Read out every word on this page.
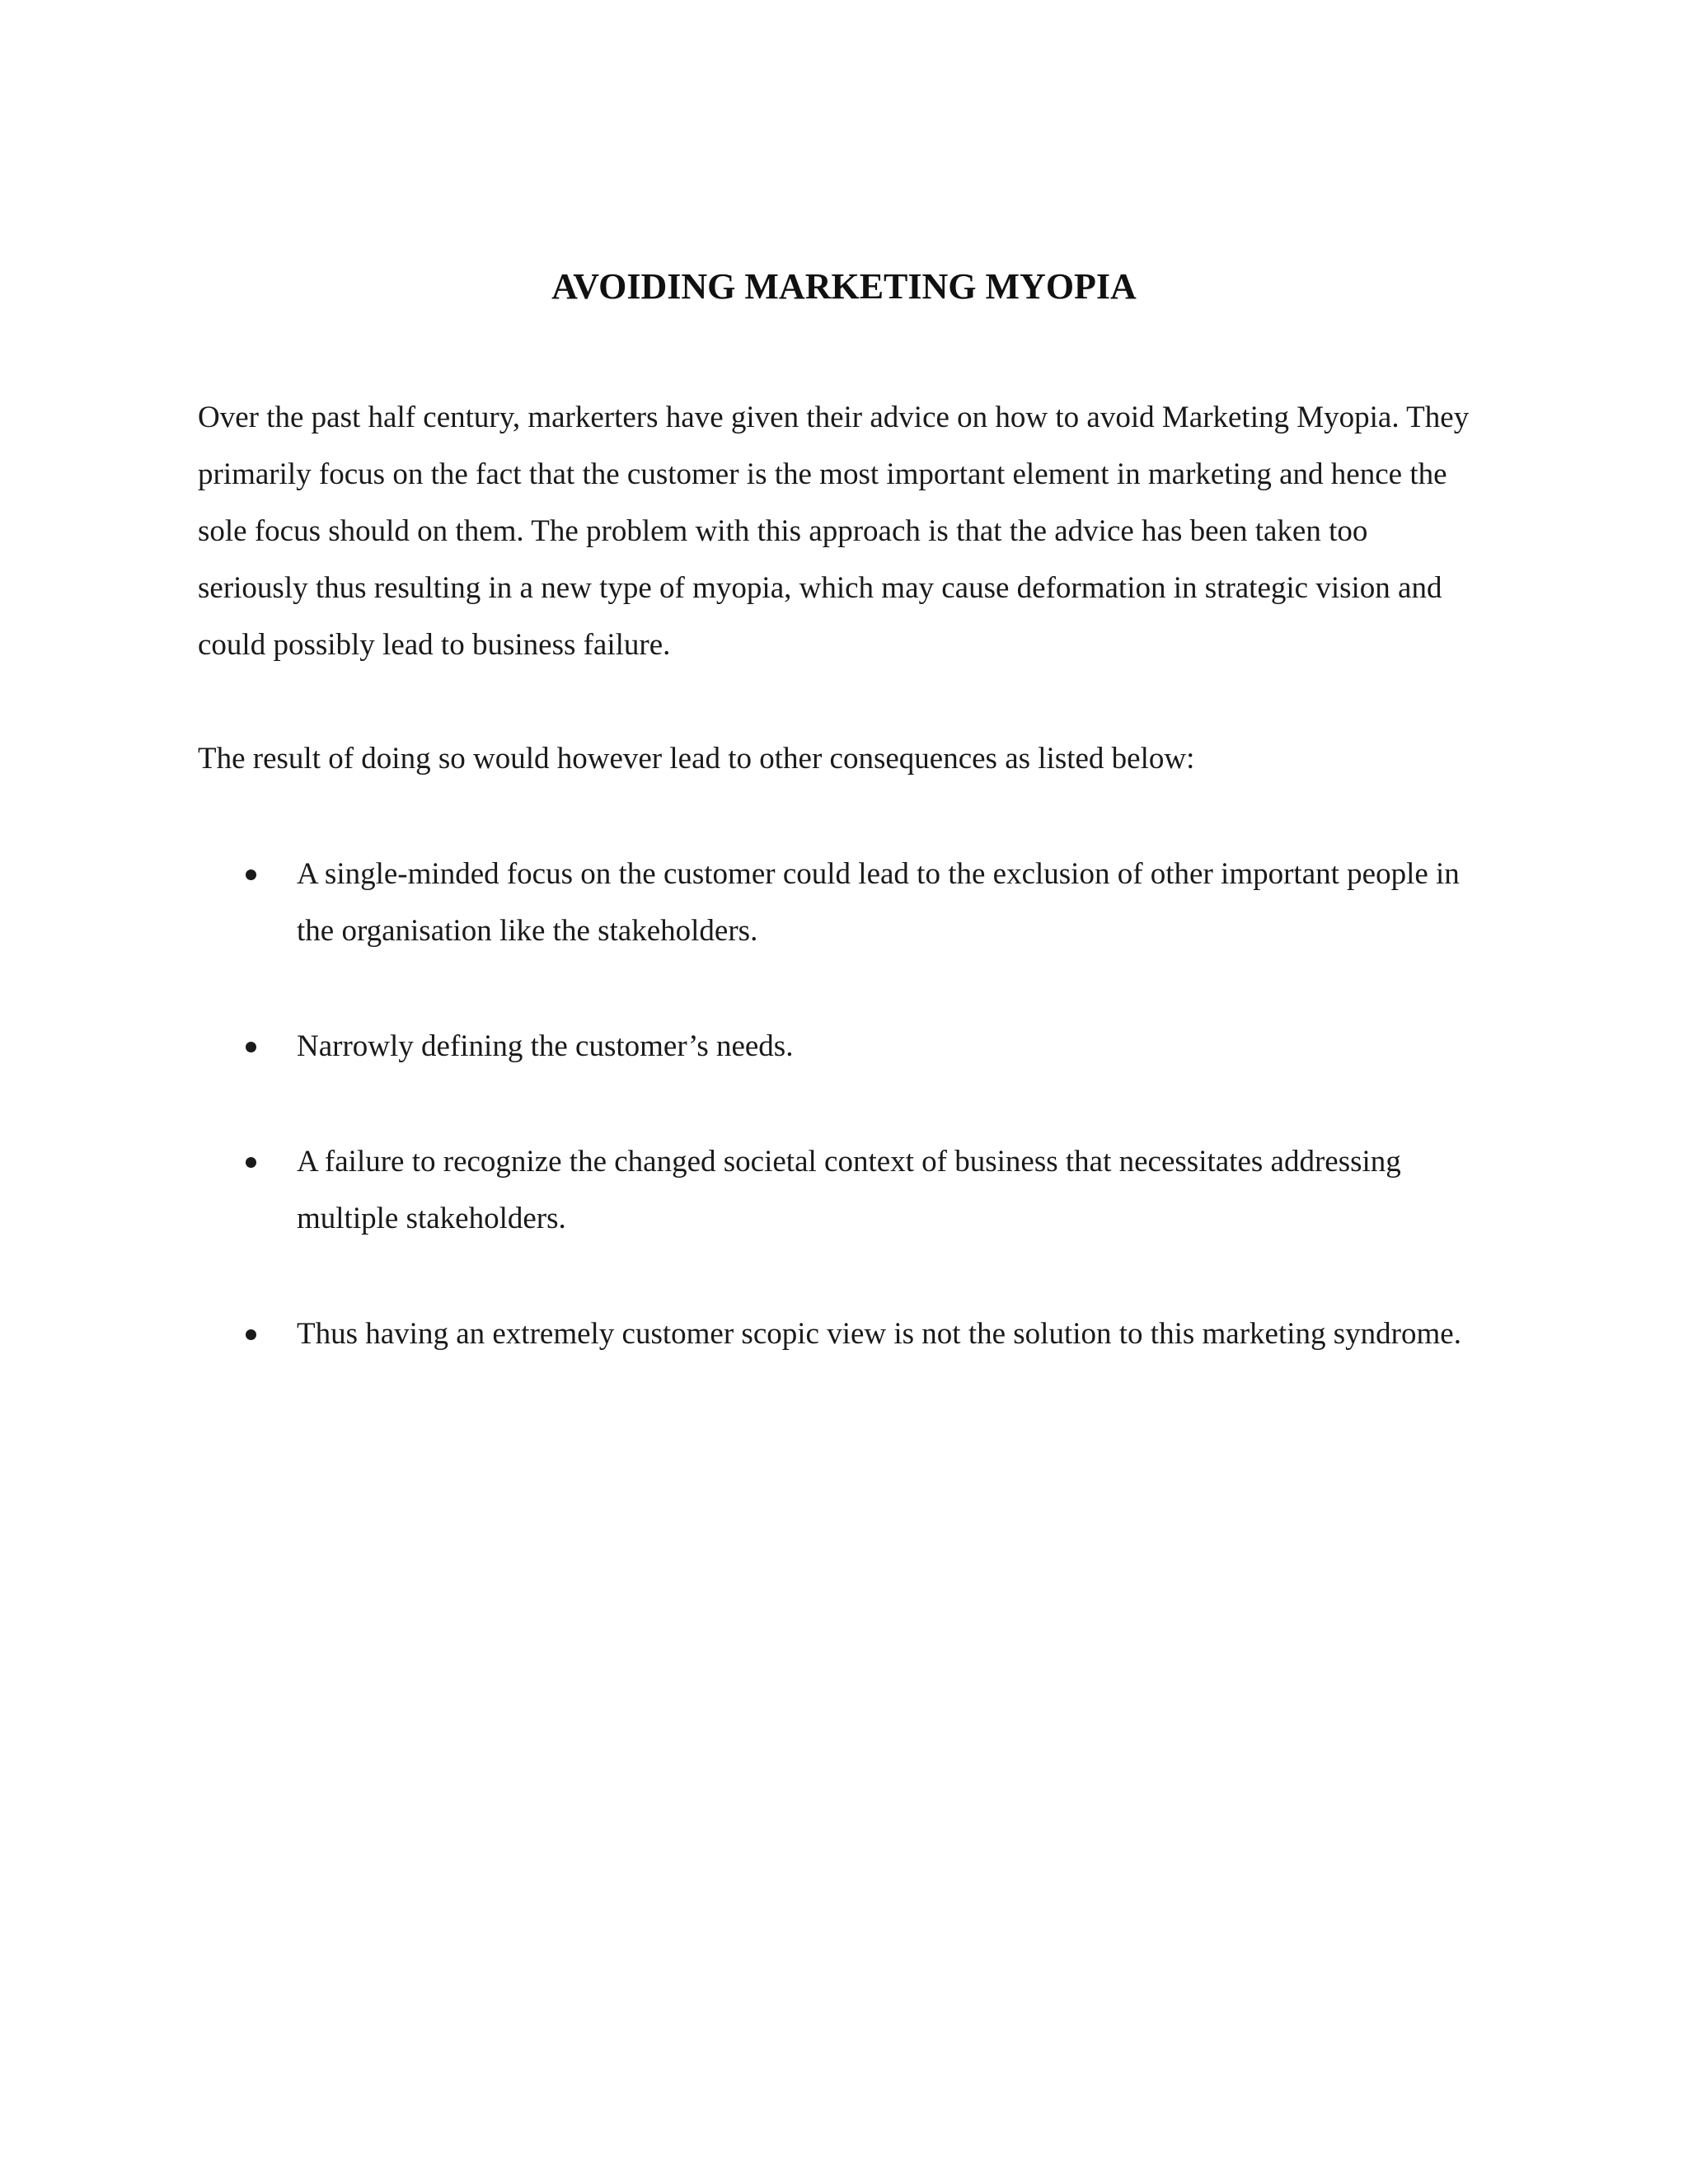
AVOIDING MARKETING MYOPIA

Over the past half century, markerters have given their advice on how to avoid Marketing Myopia. They primarily focus on the fact that the customer is the most important element in marketing and hence the sole focus should on them. The problem with this approach is that the advice has been taken too seriously thus resulting in a new type of myopia, which may cause deformation in strategic vision and could possibly lead to business failure.

The result of doing so would however lead to other consequences as listed below:

A single-minded focus on the customer could lead to the exclusion of other important people in the organisation like the stakeholders.
Narrowly defining the customer’s needs.
A failure to recognize the changed societal context of business that necessitates addressing multiple stakeholders.
Thus having an extremely customer scopic view is not the solution to this marketing syndrome.
